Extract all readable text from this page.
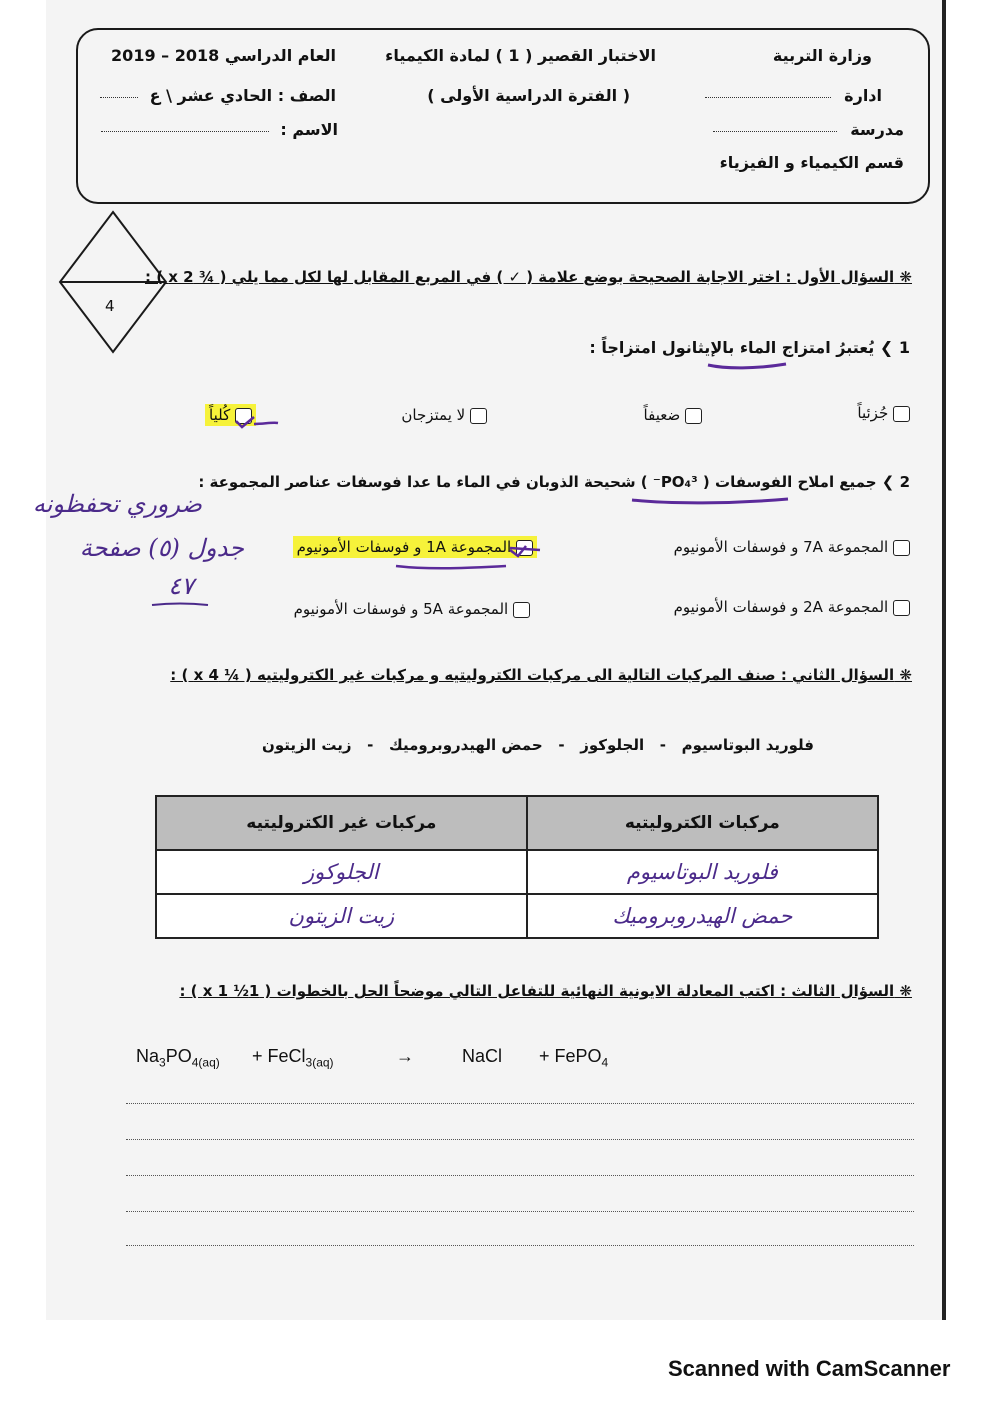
وزارة التربية
ادارة
مدرسة
قسم الكيمياء و الفيزياء
الاختبار القصير ( 1 ) لمادة الكيمياء
( الفترة الدراسية الأولى )
العام الدراسي 2018 – 2019
الصف : الحادي عشر \ ع
الاسم :
4
❋ السؤال الأول : اختر الاجابة الصحيحة بوضع علامة ( ✓ ) في المربع المقابل لها لكل مما يلي ( ¾ x 2 ) :
1 ❯ يُعتبرُ امتزاج الماء بالإيثانول امتزاجاً :
جُزئياً
ضعيفاً
لا يمتزجان
كُلياً
2 ❯ جميع املاح الفوسفات ( PO₄³⁻ ) شحيحة الذوبان في الماء ما عدا فوسفات عناصر المجموعة :
المجموعة 7A و فوسفات الأمونيوم
المجموعة 1A و فوسفات الأمونيوم
المجموعة 2A و فوسفات الأمونيوم
المجموعة 5A و فوسفات الأمونيوم
ضروري تحفظونه
جدول (٥) صفحة
٤٧
❋ السؤال الثاني : صنف المركبات التالية الى مركبات الكتروليتيه و مركبات غير الكتروليتيه ( ¼ x 4 ) :
فلوريد البوتاسيوم   -   الجلوكوز   -   حمض الهيدروبروميك   -   زيت الزيتون
مركبات الكتروليتيه	مركبات غير الكتروليتيه
فلوريد البوتاسيوم	الجلوكوز
حمض الهيدروبروميك	زيت الزيتون
❋ السؤال الثالث : اكتب المعادلة الايونية النهائية للتفاعل التالي موضحاً الحل بالخطوات ( 1½ x 1 ) :
$Na_3PO_{4(aq)}$ + FeCl$_{3(aq)}$	→	NaCl + FePO$_4$
Scanned with CamScanner
